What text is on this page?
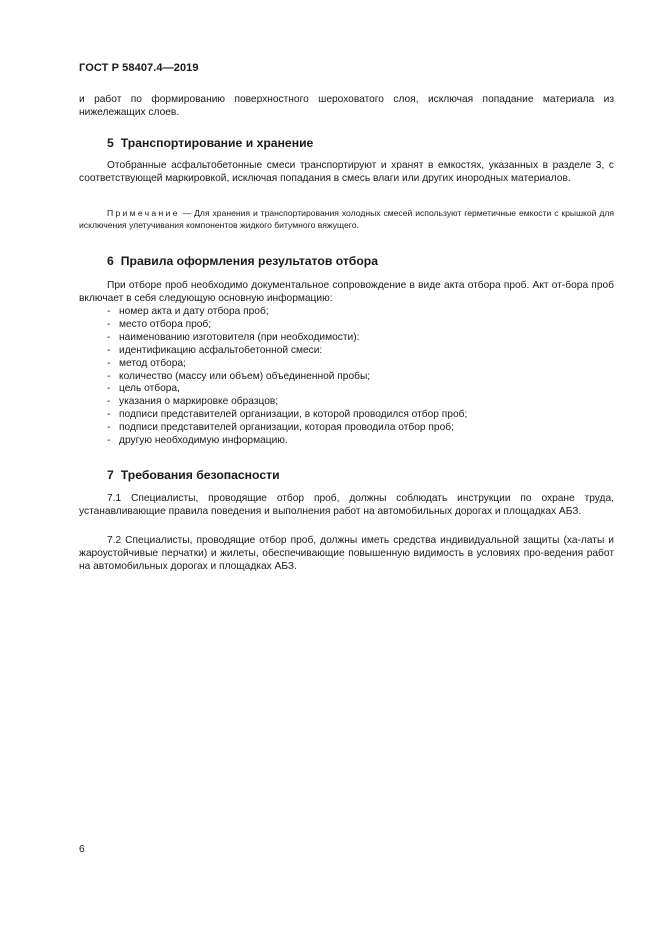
ГОСТ Р 58407.4—2019
и работ по формированию поверхностного шероховатого слоя, исключая попадание материала из нижележащих слоев.
5 Транспортирование и хранение
Отобранные асфальтобетонные смеси транспортируют и хранят в емкостях, указанных в разделе 3, с соответствующей маркировкой, исключая попадания в смесь влаги или других инородных материалов.
Примечание — Для хранения и транспортирования холодных смесей используют герметичные емкости с крышкой для исключения улетучивания компонентов жидкого битумного вяжущего.
6 Правила оформления результатов отбора
При отборе проб необходимо документальное сопровождение в виде акта отбора проб. Акт от-бора проб включает в себя следующую основную информацию:
- номер акта и дату отбора проб;
- место отбора проб;
- наименованию изготовителя (при необходимости):
- идентификацию асфальтобетонной смеси:
- метод отбора;
- количество (массу или объем) объединенной пробы;
- цель отбора,
- указания о маркировке образцов;
- подписи представителей организации, в которой проводился отбор проб;
- подписи представителей организации, которая проводила отбор проб;
- другую необходимую информацию.
7 Требования безопасности
7.1 Специалисты, проводящие отбор проб, должны соблюдать инструкции по охране труда, устанавливающие правила поведения и выполнения работ на автомобильных дорогах и площадках АБЗ.
7.2 Специалисты, проводящие отбор проб, должны иметь средства индивидуальной защиты (ха-латы и жароустойчивые перчатки) и жилеты, обеспечивающие повышенную видимость в условиях про-ведения работ на автомобильных дорогах и площадках АБЗ.
6
